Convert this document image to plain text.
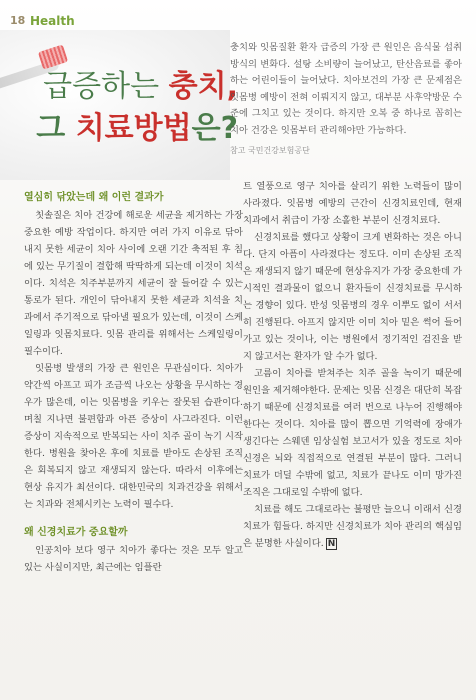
18 Health
급증하는 충치,
그 치료방법은?

충치와 잇몸질환 환자 급증의 가장 큰 원인은 음식물 섭취 방식의 변화다. 설탕 소비량이 늘어났고, 탄산음료를 좋아하는 어린이들이 늘어났다. 치아보건의 가장 큰 문제점은 잇몸병 예방이 전혀 이뤄지지 않고, 대부분 사후약방문 수준에 그치고 있는 것이다. 하지만 오복 중 하나로 꼽히는 치아 건강은 잇몸부터 관리해야만 가능하다.

참고 국민건강보험공단
열심히 닦았는데 왜 이런 결과가

칫솔질은 치아 건강에 해로운 세균을 제거하는 가장 중요한 예방 작업이다. 하지만 여러 가지 이유로 닦아내지 못한 세균이 치아 사이에 오랜 기간 축적된 후 침에 있는 무기질이 결합해 딱딱하게 되는데 이것이 치석이다. 치석은 치주부분까지 세균이 잘 들어갈 수 있는 통로가 된다. 개인이 닦아내지 못한 세균과 치석을 치과에서 주기적으로 닦아낼 필요가 있는데, 이것이 스케일링과 잇몸치료다. 잇몸 관리를 위해서는 스케일링이 필수이다.

잇몸병 발생의 가장 큰 원인은 무관심이다. 치아가 약간씩 아프고 피가 조금씩 나오는 상황을 무시하는 경우가 많은데, 이는 잇몸병을 키우는 잘못된 습관이다. 며칠 지나면 불편함과 아픈 증상이 사그라진다. 이런 증상이 지속적으로 반복되는 사이 치주 골이 녹기 시작한다. 병원을 찾아온 후에 치료를 받아도 손상된 조직은 회복되지 않고 재생되지 않는다. 따라서 이후에는 현상 유지가 최선이다. 대한민국의 치과건강을 위해서는 치과와 전체시키는 노력이 필수다.

왜 신경치료가 중요할까

인공치아 보다 영구 치아가 좋다는 것은 모두 알고 있는 사실이지만, 최근에는 임플란

트 열풍으로 영구 치아를 살리기 위한 노력들이 많이 사라졌다. 잇몸병 예방의 근간이 신경치료인데, 현재 치과에서 취급이 가장 소홀한 부분이 신경치료다.

신경치료를 했다고 상황이 크게 변화하는 것은 아니다. 단지 아픔이 사라졌다는 정도다. 이미 손상된 조직은 재생되지 않기 때문에 현상유지가 가장 중요한데 가시적인 결과물이 없으니 환자들이 신경치료를 무시하는 경향이 있다. 반성 잇몸병의 경우 이뿌도 없이 서서히 진행된다. 아프지 않지만 이미 치아 밑은 썩어 들어가고 있는 것이나, 이는 병원에서 정기적인 검진을 받지 않고서는 환자가 알 수가 없다.

고름이 치아를 받쳐주는 치주 골을 녹이기 때문에 원인을 제거해야한다. 문제는 잇몸 신경은 대단히 복잡하기 때문에 신경치료를 여러 번으로 나누어 진행해야 한다는 것이다. 치아를 많이 뽑으면 기억력에 장애가 생긴다는 스웨덴 임상실험 보고서가 있을 정도로 치아신경은 뇌와 직접적으로 연결된 부분이 많다. 그러니 치료가 더딜 수밖에 없고, 치료가 끝나도 이미 망가진 조직은 그대로일 수밖에 없다.

치료를 해도 그대로라는 불평만 늘으니 이래서 신경치료가 힘들다. 하지만 신경치료가 치아 관리의 핵심임은 분명한 사실이다. N
